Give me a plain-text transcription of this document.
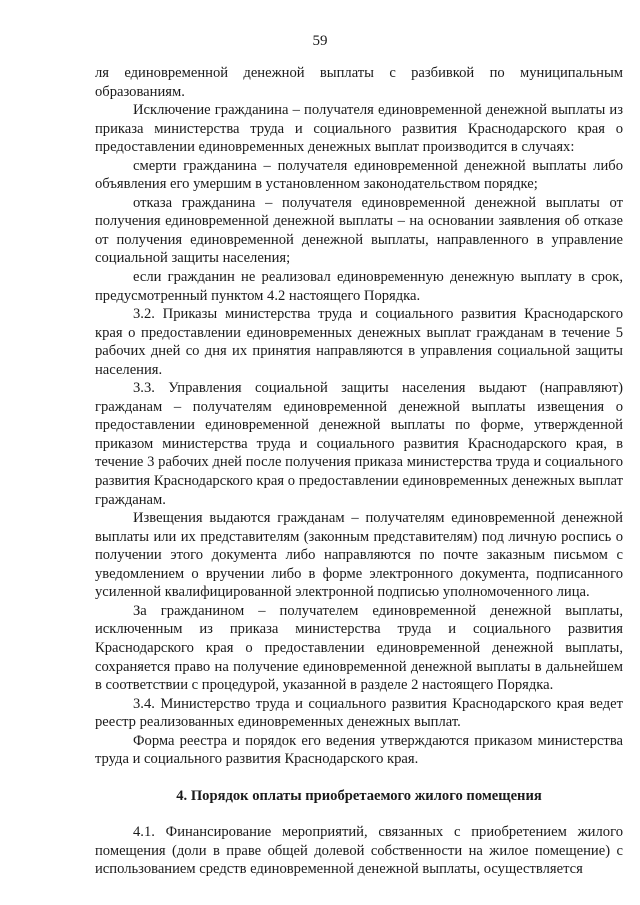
59

ля единовременной денежной выплаты с разбивкой по муниципальным образованиям.

Исключение гражданина – получателя единовременной денежной выплаты из приказа министерства труда и социального развития Краснодарского края о предоставлении единовременных денежных выплат производится в случаях:

смерти гражданина – получателя единовременной денежной выплаты либо объявления его умершим в установленном законодательством порядке;

отказа гражданина – получателя единовременной денежной выплаты от получения единовременной денежной выплаты – на основании заявления об отказе от получения единовременной денежной выплаты, направленного в управление социальной защиты населения;

если гражданин не реализовал единовременную денежную выплату в срок, предусмотренный пунктом 4.2 настоящего Порядка.

3.2. Приказы министерства труда и социального развития Краснодарского края о предоставлении единовременных денежных выплат гражданам в течение 5 рабочих дней со дня их принятия направляются в управления социальной защиты населения.

3.3. Управления социальной защиты населения выдают (направляют) гражданам – получателям единовременной денежной выплаты извещения о предоставлении единовременной денежной выплаты по форме, утвержденной приказом министерства труда и социального развития Краснодарского края, в течение 3 рабочих дней после получения приказа министерства труда и социального развития Краснодарского края о предоставлении единовременных денежных выплат гражданам.

Извещения выдаются гражданам – получателям единовременной денежной выплаты или их представителям (законным представителям) под личную роспись о получении этого документа либо направляются по почте заказным письмом с уведомлением о вручении либо в форме электронного документа, подписанного усиленной квалифицированной электронной подписью уполномоченного лица.

За гражданином – получателем единовременной денежной выплаты, исключенным из приказа министерства труда и социального развития Краснодарского края о предоставлении единовременной денежной выплаты, сохраняется право на получение единовременной денежной выплаты в дальнейшем в соответствии с процедурой, указанной в разделе 2 настоящего Порядка.

3.4. Министерство труда и социального развития Краснодарского края ведет реестр реализованных единовременных денежных выплат.

Форма реестра и порядок его ведения утверждаются приказом министерства труда и социального развития Краснодарского края.

4. Порядок оплаты приобретаемого жилого помещения

4.1. Финансирование мероприятий, связанных с приобретением жилого помещения (доли в праве общей долевой собственности на жилое помещение) с использованием средств единовременной денежной выплаты, осуществляется
